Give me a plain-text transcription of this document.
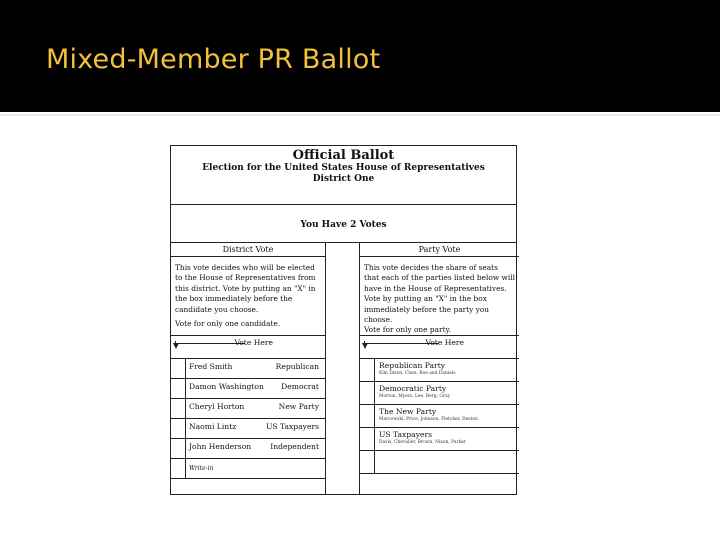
Mixed-Member PR Ballot
Official Ballot
Election for the United States House of Representatives
District One
You Have 2 Votes
District Vote

This vote decides who will be elected to the House of Representatives from this district. Vote by putting an "X" in the box immediately before the candidate you choose.

Vote for only one candidate.

Vote Here
Fred Smith	Republican
Damon Washington Democrat
Cheryl Horton	New Party
Naomi Lintz	US Taxpayers
John Henderson	Independent
Write-in
Party Vote

This vote decides the share of seats that each of the parties listed below will have in the House of Representatives. Vote by putting an "X" in the box immediately before the party you choose.

Vote for only one party.

Vote Here
Republican Party
Kim Dixon, Chen, Roe and Daniels
Democratic Party
Morton, Myers, Lee, Berg, Gray
The New Party
Marcowski, Price, Johnson, Fletcher, Deston
US Taxpayers
Davis, Chevalier, Brown, Nixon, Parker
